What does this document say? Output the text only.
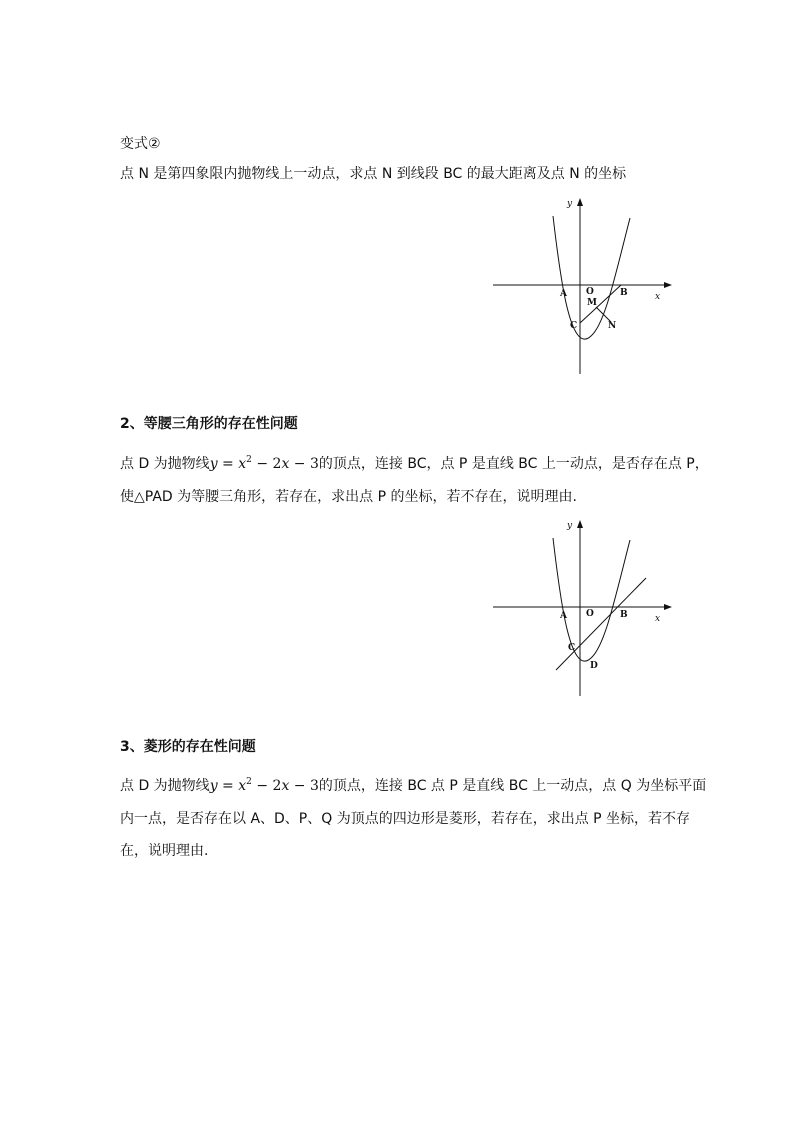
变式②
点 N 是第四象限内抛物线上一动点，求点 N 到线段 BC 的最大距离及点 N 的坐标
y
x
A O	B
M
C	N
2、等腰三角形的存在性问题
点 D 为抛物线$y = x^2 - 2x - 3$的顶点，连接 BC，点 P 是直线 BC 上一动点，是否存在点 P，
使△PAD 为等腰三角形，若存在，求出点 P 的坐标，若不存在，说明理由.
y
x
A O	B
C
D
3、菱形的存在性问题
点 D 为抛物线$y = x^2 - 2x - 3$的顶点，连接 BC 点 P 是直线 BC 上一动点，点 Q 为坐标平面
内一点，是否存在以 A、D、P、Q 为顶点的四边形是菱形，若存在，求出点 P 坐标，若不存
在，说明理由.
